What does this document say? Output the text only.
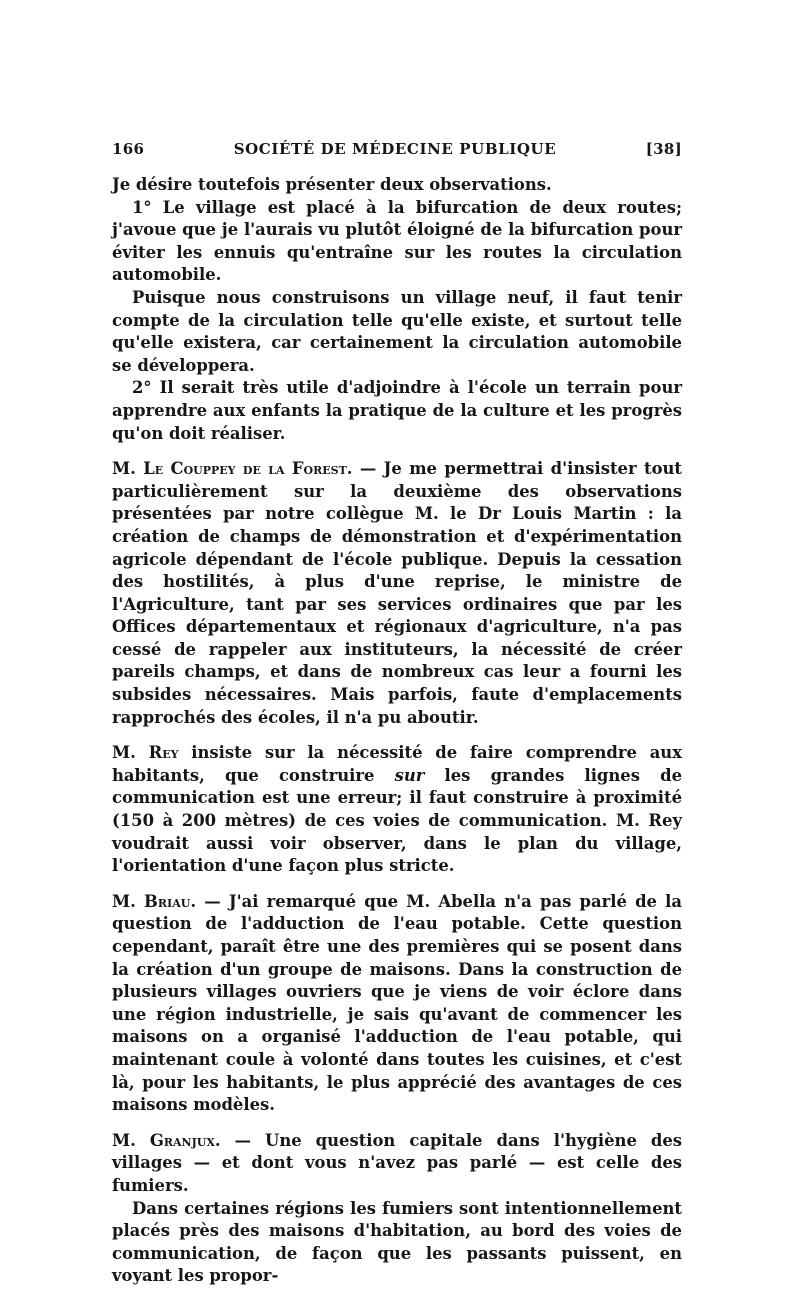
166	SOCIÉTÉ DE MÉDECINE PUBLIQUE	[38]

Je désire toutefois présenter deux observations.

1° Le village est placé à la bifurcation de deux routes; j'avoue que je l'aurais vu plutôt éloigné de la bifurcation pour éviter les ennuis qu'entraîne sur les routes la circulation automobile.

Puisque nous construisons un village neuf, il faut tenir compte de la circulation telle qu'elle existe, et surtout telle qu'elle existera, car certainement la circulation automobile se développera.

2° Il serait très utile d'adjoindre à l'école un terrain pour apprendre aux enfants la pratique de la culture et les progrès qu'on doit réaliser.

M. Le Couppey de la Forest. — Je me permettrai d'insister tout particulièrement sur la deuxième des observations présentées par notre collègue M. le Dr Louis Martin : la création de champs de démonstration et d'expérimentation agricole dépendant de l'école publique. Depuis la cessation des hostilités, à plus d'une reprise, le ministre de l'Agriculture, tant par ses services ordinaires que par les Offices départementaux et régionaux d'agriculture, n'a pas cessé de rappeler aux instituteurs, la nécessité de créer pareils champs, et dans de nombreux cas leur a fourni les subsides nécessaires. Mais parfois, faute d'emplacements rapprochés des écoles, il n'a pu aboutir.

M. Rey insiste sur la nécessité de faire comprendre aux habitants, que construire sur les grandes lignes de communication est une erreur; il faut construire à proximité (150 à 200 mètres) de ces voies de communication. M. Rey voudrait aussi voir observer, dans le plan du village, l'orientation d'une façon plus stricte.

M. Briau. — J'ai remarqué que M. Abella n'a pas parlé de la question de l'adduction de l'eau potable. Cette question cependant, paraît être une des premières qui se posent dans la création d'un groupe de maisons. Dans la construction de plusieurs villages ouvriers que je viens de voir éclore dans une région industrielle, je sais qu'avant de commencer les maisons on a organisé l'adduction de l'eau potable, qui maintenant coule à volonté dans toutes les cuisines, et c'est là, pour les habitants, le plus apprécié des avantages de ces maisons modèles.

M. Granjux. — Une question capitale dans l'hygiène des villages — et dont vous n'avez pas parlé — est celle des fumiers.

Dans certaines régions les fumiers sont intentionnellement placés près des maisons d'habitation, au bord des voies de communication, de façon que les passants puissent, en voyant les propor-
